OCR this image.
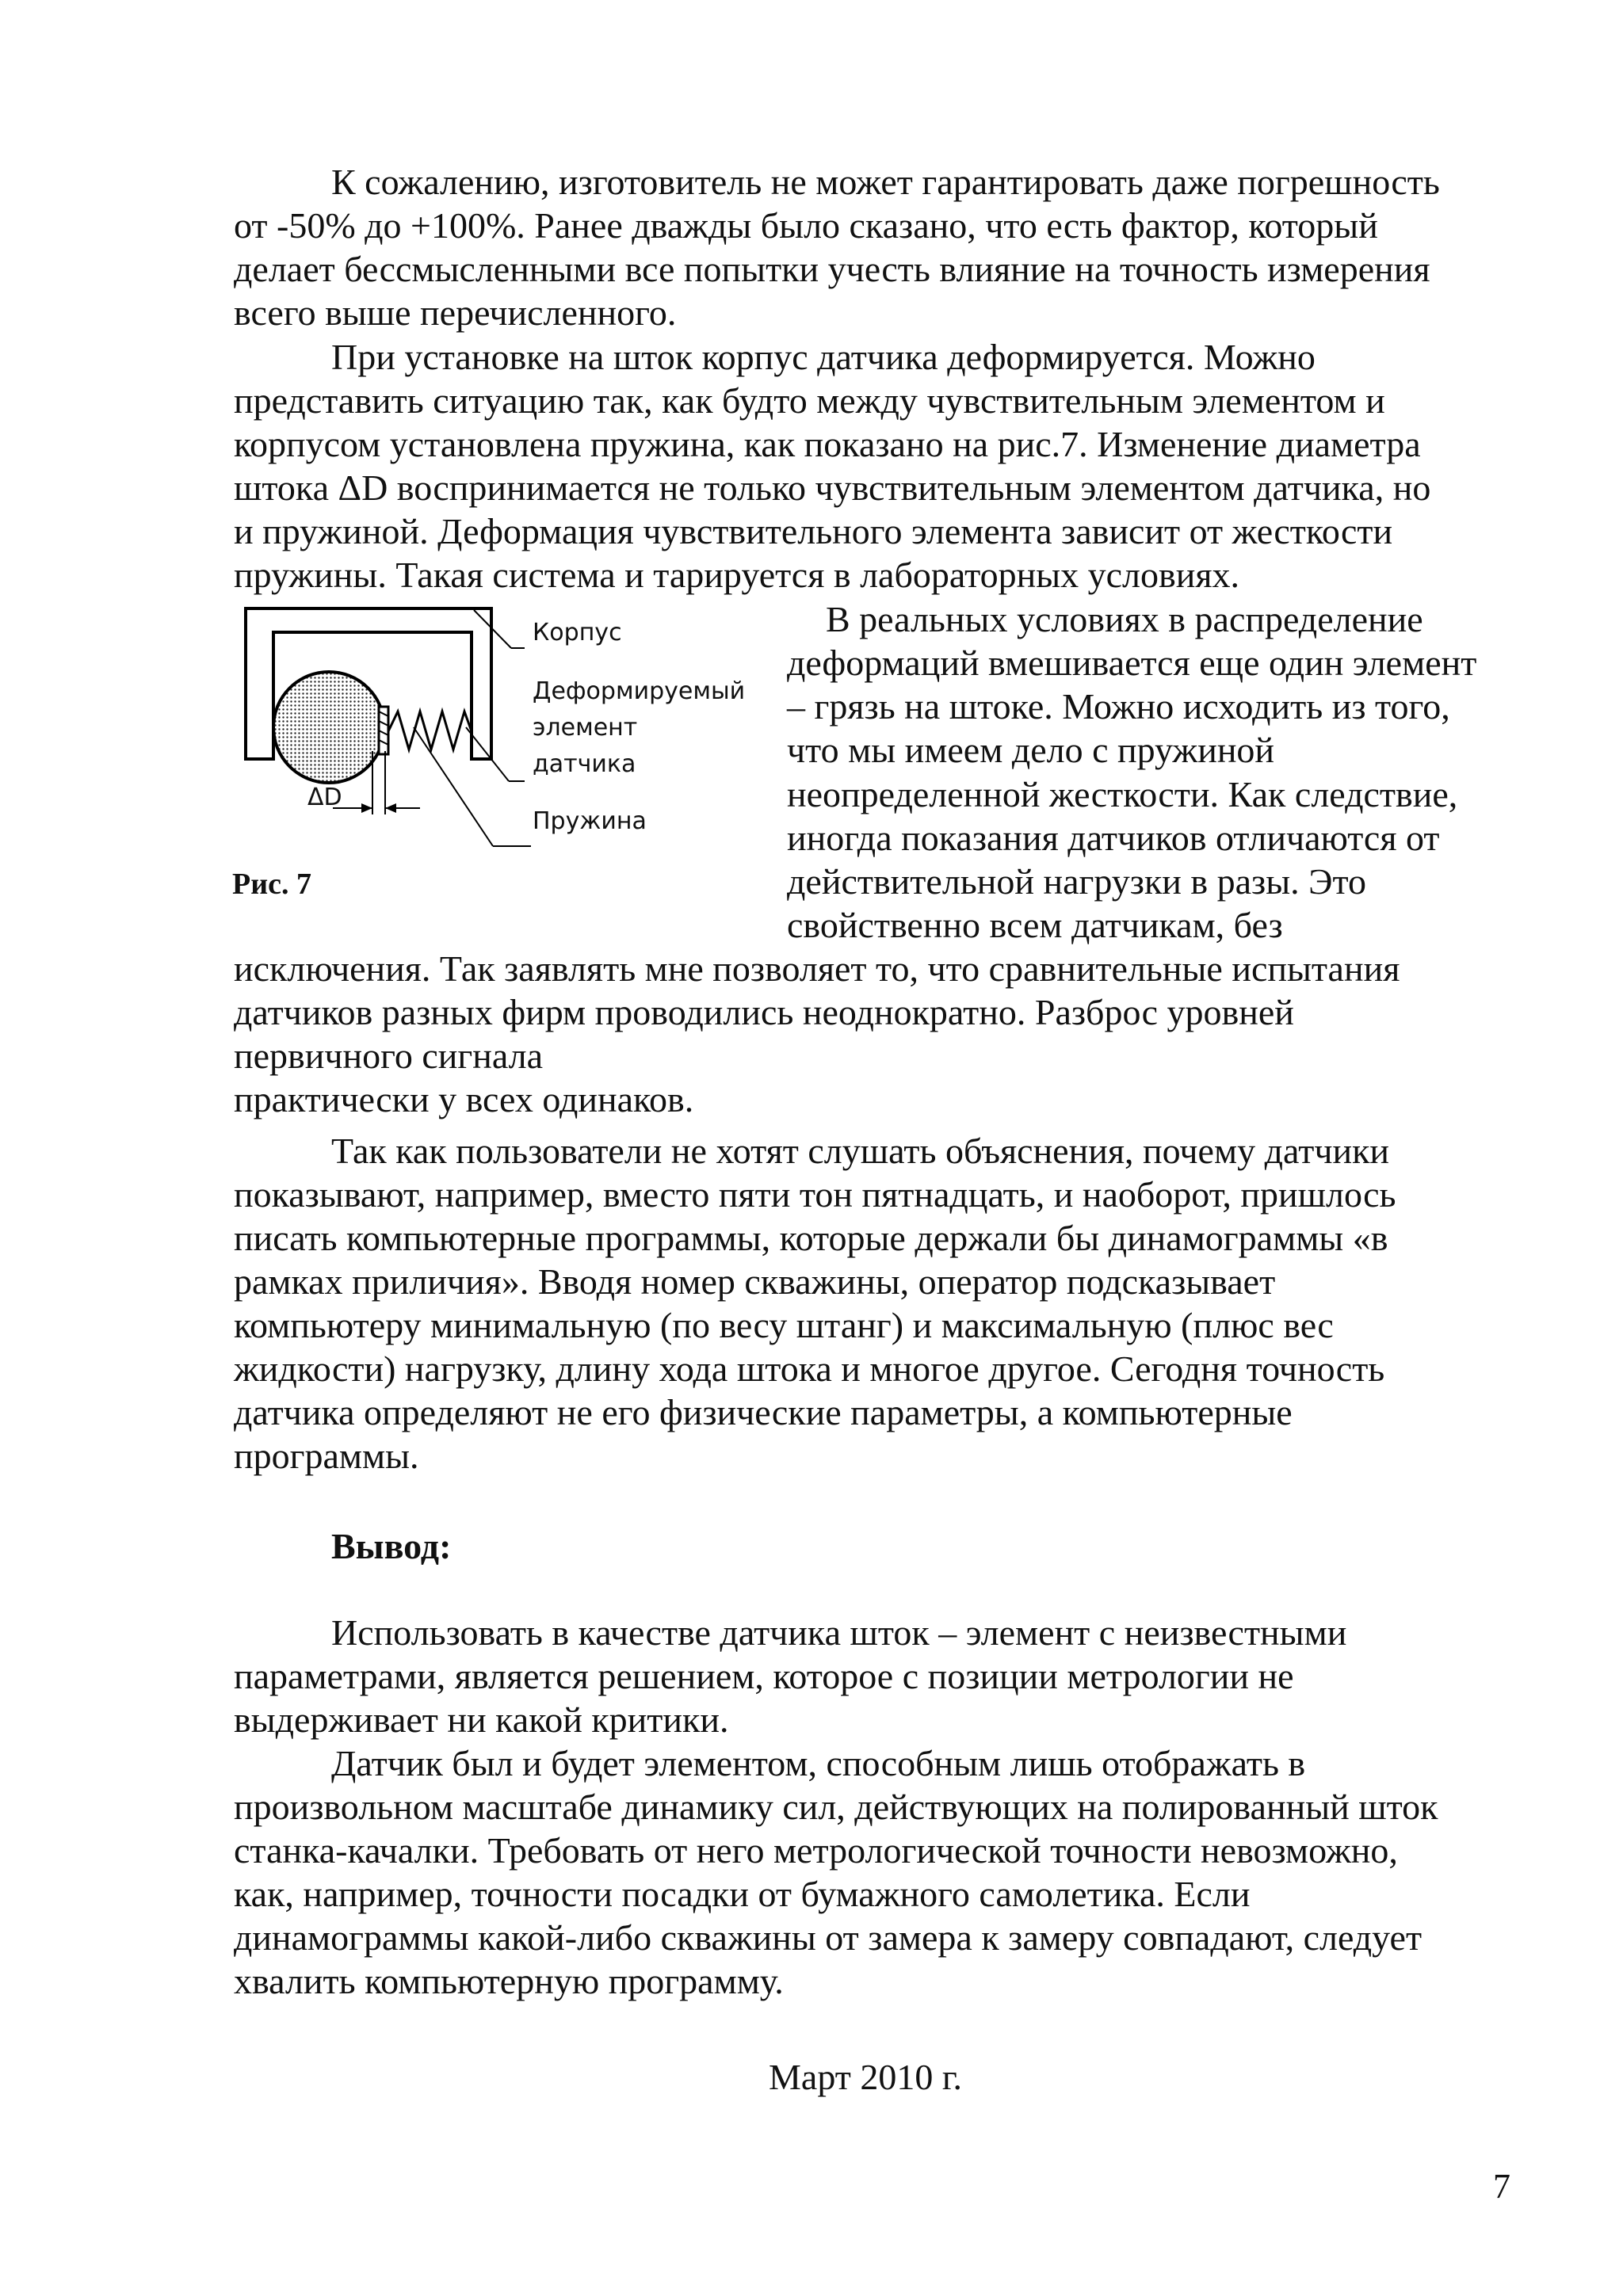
К сожалению, изготовитель не может гарантировать даже погрешность
от -50% до +100%. Ранее дважды было сказано, что есть фактор, который
делает бессмысленными все попытки учесть влияние на точность измерения
всего выше перечисленного.
При установке на шток корпус датчика деформируется. Можно
представить ситуацию так, как будто между чувствительным элементом и
корпусом установлена пружина, как показано на рис.7. Изменение диаметра
штока ΔD воспринимается не только чувствительным элементом датчика, но
и пружиной. Деформация чувствительного элемента зависит от жесткости
пружины. Такая система и тарируется в лабораторных условиях.
В реальных условиях в распределение
деформаций вмешивается еще один элемент
– грязь на штоке. Можно исходить из того,
что мы имеем дело с пружиной
неопределенной жесткости. Как следствие,
иногда показания датчиков отличаются от
действительной нагрузки в разы. Это
свойственно всем датчикам, без
Корпус
Деформируемый
элемент
датчика
Пружина
ΔD
Рис. 7
исключения. Так заявлять мне позволяет то, что сравнительные испытания
датчиков разных фирм проводились неоднократно. Разброс уровней
первичного сигнала
практически у всех одинаков.
Так как пользователи не хотят слушать объяснения, почему датчики
показывают, например, вместо пяти тон пятнадцать, и наоборот, пришлось
писать компьютерные программы, которые держали бы динамограммы «в
рамках приличия». Вводя номер скважины, оператор подсказывает
компьютеру минимальную (по весу штанг) и максимальную (плюс вес
жидкости) нагрузку, длину хода штока и многое другое. Сегодня точность
датчика определяют не его физические параметры, а компьютерные
программы.
Вывод:
Использовать в качестве датчика шток – элемент с неизвестными
параметрами, является решением, которое с позиции метрологии не
выдерживает ни какой критики.
Датчик был и будет элементом, способным лишь отображать в
произвольном масштабе динамику сил, действующих на полированный шток
станка-качалки. Требовать от него метрологической точности невозможно,
как, например, точности посадки от бумажного самолетика. Если
динамограммы какой-либо скважины от замера к замеру совпадают, следует
хвалить компьютерную программу.
Март 2010 г.
7
